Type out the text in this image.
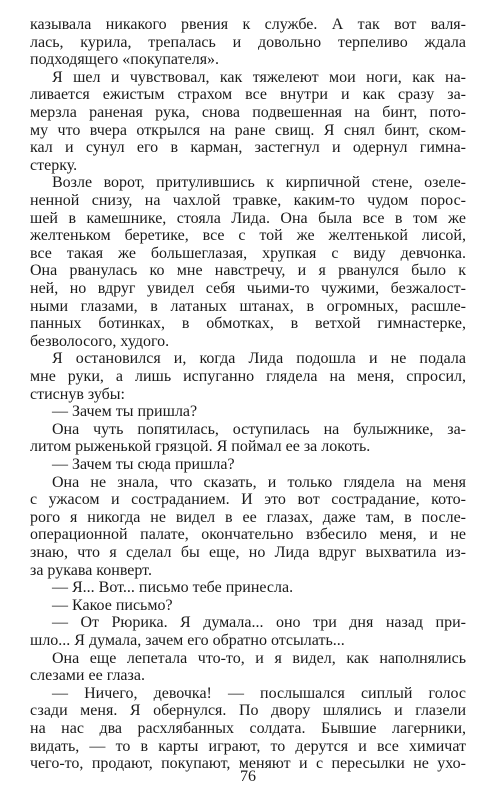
казывала никакого рвения к службе. А так вот валя-
лась, курила, трепалась и довольно терпеливо ждала
подходящего «покупателя».
Я шел и чувствовал, как тяжелеют мои ноги, как на-
ливается ежистым страхом все внутри и как сразу за-
мерзла раненая рука, снова подвешенная на бинт, пото-
му что вчера открылся на ране свищ. Я снял бинт, ском-
кал и сунул его в карман, застегнул и одернул гимна-
стерку.
Возле ворот, притулившись к кирпичной стене, озеле-
ненной снизу, на чахлой травке, каким-то чудом порос-
шей в камешнике, стояла Лида. Она была все в том же
желтеньком беретике, все с той же желтенькой лисой,
все такая же большеглазая, хрупкая с виду девчонка.
Она рванулась ко мне навстречу, и я рванулся было к
ней, но вдруг увидел себя чьими-то чужими, безжалост-
ными глазами, в латаных штанах, в огромных, расшле-
панных ботинках, в обмотках, в ветхой гимнастерке,
безволосого, худого.
Я остановился и, когда Лида подошла и не подала
мне руки, а лишь испуганно глядела на меня, спросил,
стиснув зубы:
— Зачем ты пришла?
Она чуть попятилась, оступилась на булыжнике, за-
литом рыженькой грязцой. Я поймал ее за локоть.
— Зачем ты сюда пришла?
Она не знала, что сказать, и только глядела на меня
с ужасом и состраданием. И это вот сострадание, кото-
рого я никогда не видел в ее глазах, даже там, в после-
операционной палате, окончательно взбесило меня, и не
знаю, что я сделал бы еще, но Лида вдруг выхватила из-
за рукава конверт.
— Я... Вот... письмо тебе принесла.
— Какое письмо?
— От Рюрика. Я думала... оно три дня назад при-
шло... Я думала, зачем его обратно отсылать...
Она еще лепетала что-то, и я видел, как наполнялись
слезами ее глаза.
— Ничего, девочка! — послышался сиплый голос
сзади меня. Я обернулся. По двору шлялись и глазели
на нас два расхлябанных солдата. Бывшие лагерники,
видать, — то в карты играют, то дерутся и все химичат
чего-то, продают, покупают, меняют и с пересылки не ухо-
76
